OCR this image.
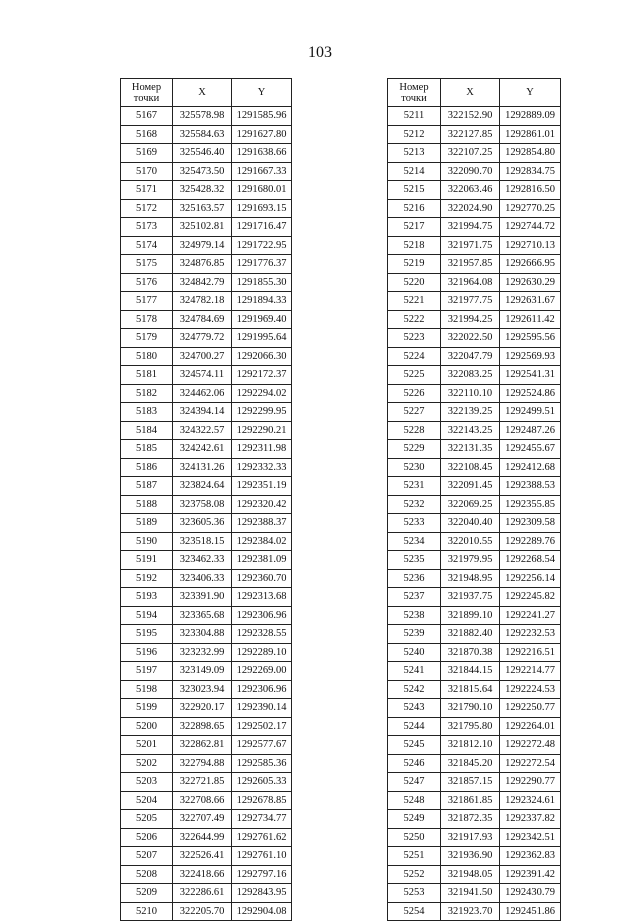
103
Номер
точки	X	Y
5167	325578.98	1291585.96
5168	325584.63	1291627.80
5169	325546.40	1291638.66
5170	325473.50	1291667.33
5171	325428.32	1291680.01
5172	325163.57	1291693.15
5173	325102.81	1291716.47
5174	324979.14	1291722.95
5175	324876.85	1291776.37
5176	324842.79	1291855.30
5177	324782.18	1291894.33
5178	324784.69	1291969.40
5179	324779.72	1291995.64
5180	324700.27	1292066.30
5181	324574.11	1292172.37
5182	324462.06	1292294.02
5183	324394.14	1292299.95
5184	324322.57	1292290.21
5185	324242.61	1292311.98
5186	324131.26	1292332.33
5187	323824.64	1292351.19
5188	323758.08	1292320.42
5189	323605.36	1292388.37
5190	323518.15	1292384.02
5191	323462.33	1292381.09
5192	323406.33	1292360.70
5193	323391.90	1292313.68
5194	323365.68	1292306.96
5195	323304.88	1292328.55
5196	323232.99	1292289.10
5197	323149.09	1292269.00
5198	323023.94	1292306.96
5199	322920.17	1292390.14
5200	322898.65	1292502.17
5201	322862.81	1292577.67
5202	322794.88	1292585.36
5203	322721.85	1292605.33
5204	322708.66	1292678.85
5205	322707.49	1292734.77
5206	322644.99	1292761.62
5207	322526.41	1292761.10
5208	322418.66	1292797.16
5209	322286.61	1292843.95
5210	322205.70	1292904.08
Номер
точки	X	Y
5211	322152.90	1292889.09
5212	322127.85	1292861.01
5213	322107.25	1292854.80
5214	322090.70	1292834.75
5215	322063.46	1292816.50
5216	322024.90	1292770.25
5217	321994.75	1292744.72
5218	321971.75	1292710.13
5219	321957.85	1292666.95
5220	321964.08	1292630.29
5221	321977.75	1292631.67
5222	321994.25	1292611.42
5223	322022.50	1292595.56
5224	322047.79	1292569.93
5225	322083.25	1292541.31
5226	322110.10	1292524.86
5227	322139.25	1292499.51
5228	322143.25	1292487.26
5229	322131.35	1292455.67
5230	322108.45	1292412.68
5231	322091.45	1292388.53
5232	322069.25	1292355.85
5233	322040.40	1292309.58
5234	322010.55	1292289.76
5235	321979.95	1292268.54
5236	321948.95	1292256.14
5237	321937.75	1292245.82
5238	321899.10	1292241.27
5239	321882.40	1292232.53
5240	321870.38	1292216.51
5241	321844.15	1292214.77
5242	321815.64	1292224.53
5243	321790.10	1292250.77
5244	321795.80	1292264.01
5245	321812.10	1292272.48
5246	321845.20	1292272.54
5247	321857.15	1292290.77
5248	321861.85	1292324.61
5249	321872.35	1292337.82
5250	321917.93	1292342.51
5251	321936.90	1292362.83
5252	321948.05	1292391.42
5253	321941.50	1292430.79
5254	321923.70	1292451.86
